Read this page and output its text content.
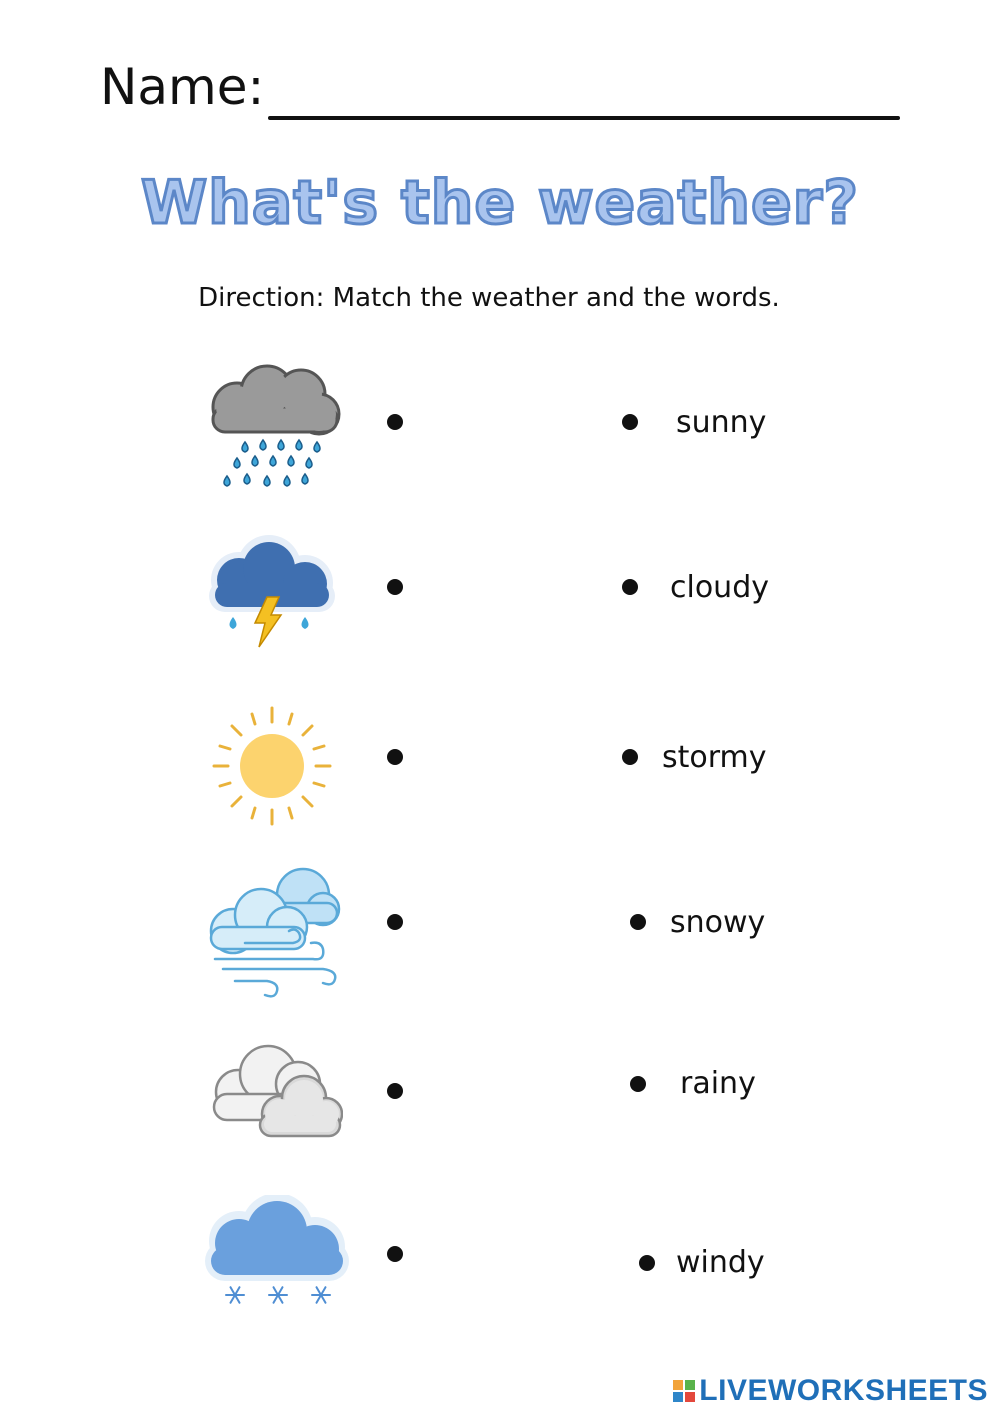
Name:
What's the weather?
Direction: Match the weather and the words.
sunny
cloudy
stormy
snowy
rainy
windy
LIVEWORKSHEETS
